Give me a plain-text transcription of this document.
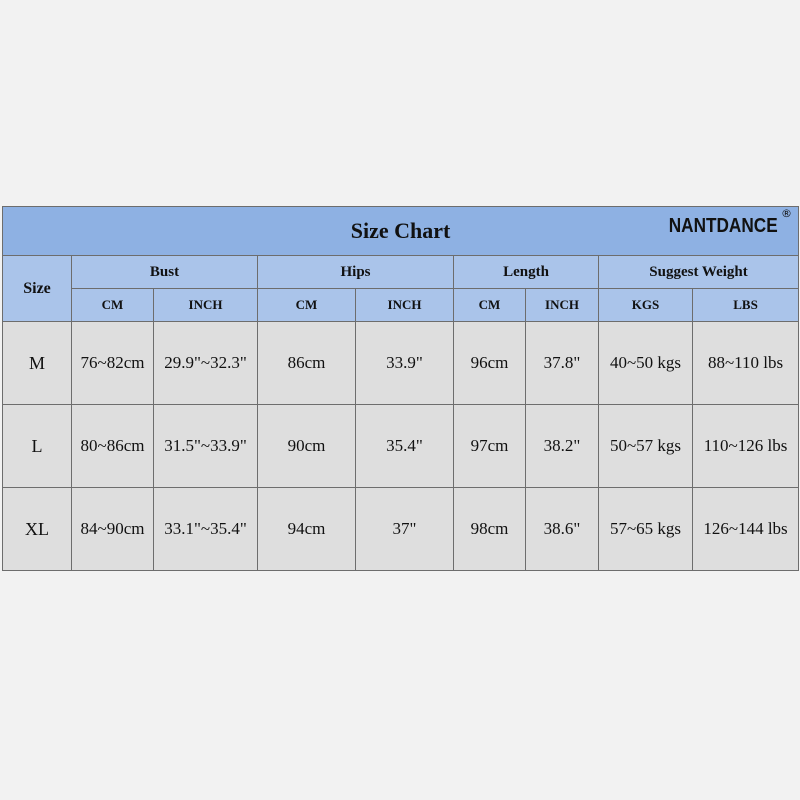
Size Chart NANTDANCE
®								

Size	Bust		Hips		Length		Suggest Weight	
	CM	INCH	CM	INCH	CM	INCH	KGS	LBS
M	76~82cm	29.9"~32.3"	86cm	33.9"	96cm	37.8"	40~50 kgs	88~110 lbs
L	80~86cm	31.5"~33.9"	90cm	35.4"	97cm	38.2"	50~57 kgs	110~126 lbs
XL	84~90cm	33.1"~35.4"	94cm	37"	98cm	38.6"	57~65 kgs	126~144 lbs
